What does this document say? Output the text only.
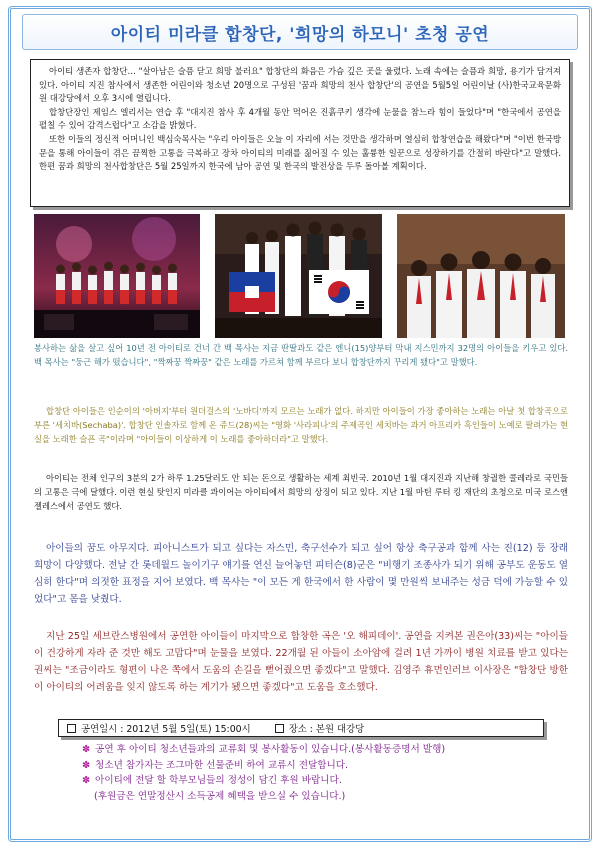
아이티 미라클 합창단, '희망의 하모니' 초청 공연

아이티 생존자 합창단… "살아남은 슬픔 닫고 희망 불러요" 합창단의 화음은 가슴 깊은 곳을 울렸다. 노래 속에는 슬픔과 희망, 용기가 담겨져 있다. 아이티 지진 참사에서 생존한 어린이와 청소년 20명으로 구성된 '꿈과 희망의 천사 합창단'의 공연을 5월5일 어린이날 (사)한국교육문화원 대강당에서 오후 3시에 열립니다.

합창단장인 제임스 엘리서는 연습 후 "대지진 참사 후 4개월 동안 먹어온 진흙쿠키 생각에 눈물을 참느라 힘이 들었다"며 "한국에서 공연을 펼칠 수 있어 감격스럽다"고 소감을 밝혔다.

또한 이들의 정신적 어머니인 백심숙목사는 "우리 아이들은 오늘 이 자리에 서는 것만을 생각하며 열심히 합창연습을 해왔다"며 "이번 한국방문을 통해 아이들이 겪은 끔찍한 고통을 극복하고 장차 아이티의 미래를 짊어질 수 있는 훌륭한 일꾼으로 성장하기를 간절히 바란다"고 말했다. 한편 꿈과 희망의 천사합창단은 5월 25일까지 한국에 남아 공연 및 한국의 발전상을 두루 돌아볼 계획이다.

봉사하는 삶을 살고 싶어 10년 전 아이티로 건너 간 백 목사는 지금 딴딸과도 같은 엔니(15)양부터 막내 지스민까지 32명의 아이들을 키우고 있다. 백 목사는 "둥근 해가 떴습니다", "짝짜꿍 짝짜꿍" 같은 노래를 가르쳐 함께 부르다 보니 합창단까지 꾸리게 됐다"고 말했다.

합창단 아이들은 인순이의 '아버지'부터 원더걸스의 '노바디'까지 모르는 노래가 없다. 하지만 아이들이 가장 좋아하는 노래는 아날 첫 합창곡으로 부른 '세치바(Sechaba)'. 합창단 인솔자로 함께 온 쥬드(28)씨는 "영화 '사라피나'의 주제곡인 세치바는 과거 아프리카 흑인들이 노예로 팔려가는 현실을 노래한 슬픈 곡"이라며 "아이들이 이상하게 이 노래를 좋아하더라"고 말했다.

아이티는 전체 인구의 3분의 2가 하루 1.25달러도 안 되는 돈으로 생활하는 세계 최빈국. 2010년 1월 대지진과 지난해 창궐한 콜레라로 국민들의 고통은 극에 달했다. 이런 현실 탓인지 미라클 콰이어는 아이티에서 희망의 상징이 되고 있다. 지난 1월 마틴 루터 킹 재단의 초청으로 미국 로스앤젤레스에서 공연도 했다.

아이들의 꿈도 아무지다. 피아니스트가 되고 싶다는 자스민, 축구선수가 되고 싶어 항상 축구공과 함께 사는 진(12) 등 장래 희망이 다양했다. 전날 간 롯데월드 놀이기구 얘기를 연신 늘어놓던 피터슨(8)군은 "비행기 조종사가 되기 위해 공부도 운동도 열심히 한다"며 의젓한 표정을 지어 보였다. 백 목사는 "이 모든 게 한국에서 한 사람이 몇 만원씩 보내주는 성금 덕에 가능할 수 있었다"고 몸을 낮췄다.

지난 25일 세브란스병원에서 공연한 아이들이 마지막으로 합창한 곡은 '오 해피데이'. 공연을 지켜본 권은아(33)씨는 "아이들이 건강하게 자라 준 것만 해도 고맙다"며 눈물을 보였다. 22개월 된 아들이 소아암에 걸려 1년 가까이 병원 치료를 받고 있다는 권씨는 "조금이라도 형편이 나은 쪽에서 도움의 손길을 뻗어줬으면 좋겠다"고 말했다. 김영주 휴먼인러브 이사장은 "합창단 방한이 아이티의 어려움을 잊지 않도록 하는 계기가 됐으면 좋겠다"고 도움을 호소했다.

공연일시 : 2012년 5월 5일(토) 15:00시	장소 : 본원 대강당
✽ 공연 후 아이티 청소년들과의 교류회 및 봉사활동이 있습니다.(봉사활동증명서 발행)
✽ 청소년 참가자는 조그마한 선물준비 하여 교류시 전달합니다.
✽ 아이티에 전달 할 학부모님들의 정성이 담긴 후원 바랍니다.
(후원금은 연말정산시 소득공제 혜택을 받으실 수 있습니다.)
